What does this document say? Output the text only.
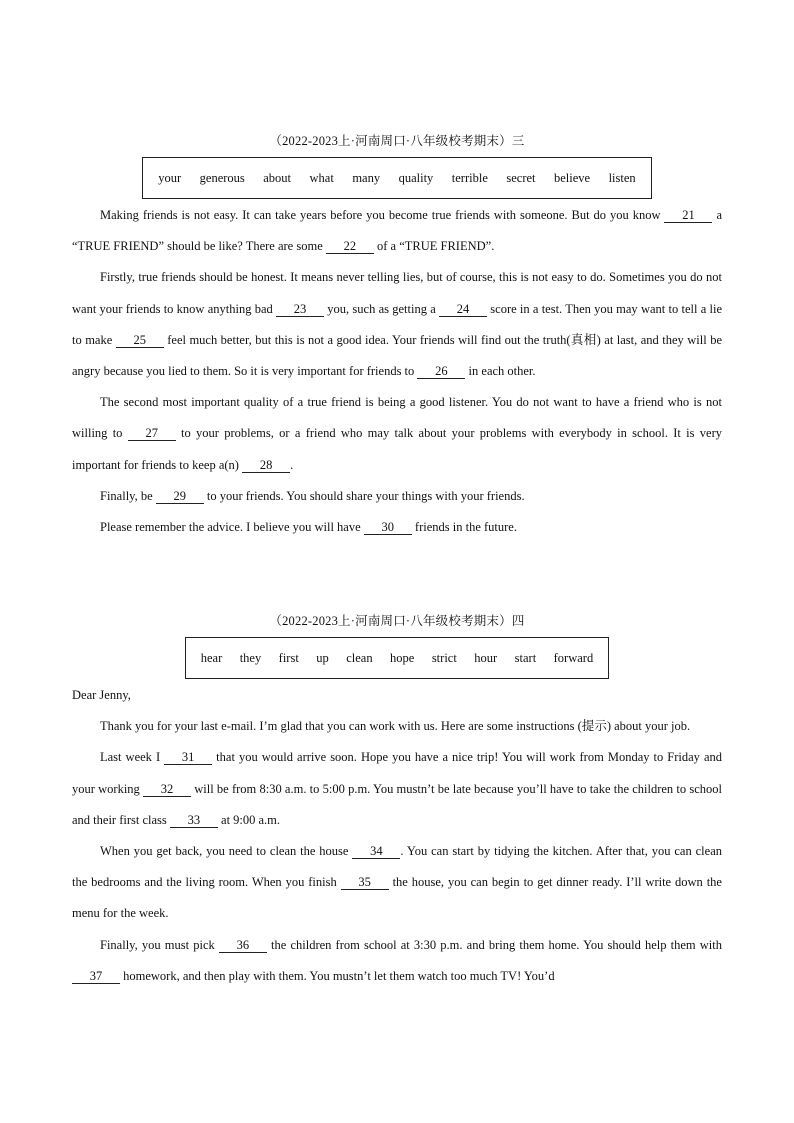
（2022-2023上·河南周口·八年级校考期末）三
your generous about what many quality terrible secret believe listen

Making friends is not easy. It can take years before you become true friends with someone. But do you know 21 a “TRUE FRIEND” should be like? There are some 22 of a “TRUE FRIEND”.

Firstly, true friends should be honest. It means never telling lies, but of course, this is not easy to do. Sometimes you do not want your friends to know anything bad 23 you, such as getting a 24 score in a test. Then you may want to tell a lie to make 25 feel much better, but this is not a good idea. Your friends will find out the truth(真相) at last, and they will be angry because you lied to them. So it is very important for friends to 26 in each other.

The second most important quality of a true friend is being a good listener. You do not want to have a friend who is not willing to 27 to your problems, or a friend who may talk about your problems with everybody in school. It is very important for friends to keep a(n) 28 .

Finally, be 29 to your friends. You should share your things with your friends.

Please remember the advice. I believe you will have 30 friends in the future.

（2022-2023上·河南周口·八年级校考期末）四
hear they first up clean hope strict hour start forward

Dear Jenny,

Thank you for your last e-mail. I’m glad that you can work with us. Here are some instructions (提示) about your job.

Last week I 31 that you would arrive soon. Hope you have a nice trip! You will work from Monday to Friday and your working 32 will be from 8:30 a.m. to 5:00 p.m. You mustn’t be late because you’ll have to take the children to school and their first class 33 at 9:00 a.m.

When you get back, you need to clean the house 34 . You can start by tidying the kitchen. After that, you can clean the bedrooms and the living room. When you finish 35 the house, you can begin to get dinner ready. I’ll write down the menu for the week.

Finally, you must pick 36 the children from school at 3:30 p.m. and bring them home. You should help them with 37 homework, and then play with them. You mustn’t let them watch too much TV! You’d
